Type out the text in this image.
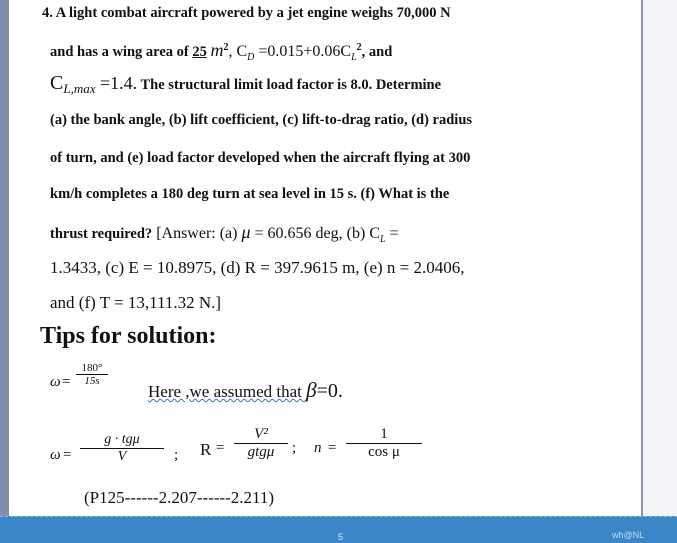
4. A light combat aircraft powered by a jet engine weighs 70,000 N
and has a wing area of 25 $m^2$, $C_D =0.015+0.06C_L^2$, and
$C_{L,max} =1.4$. The structural limit load factor is 8.0. Determine
(a) the bank angle, (b) lift coefficient, (c) lift-to-drag ratio, (d) radius
of turn, and (e) load factor developed when the aircraft flying at 300
km/h completes a 180 deg turn at sea level in 15 s. (f) What is the
thrust required? [Answer: (a) μ = 60.656 deg, (b) $C_L$ =
1.3433, (c) E = 10.8975, (d) R = 397.9615 m, (e) n = 2.0406,
and (f) T = 13,111.32 N.]
Tips for solution:
$\omega = \frac{180^\circ}{15s}$
Here ,we assumed that β=0.
ω =
g · tgμ
V	; R =
V²
gtgμ	; $n = \frac{1}{\text{cos μ}}$
(P125------2.207------2.211)
5	wh@NL
